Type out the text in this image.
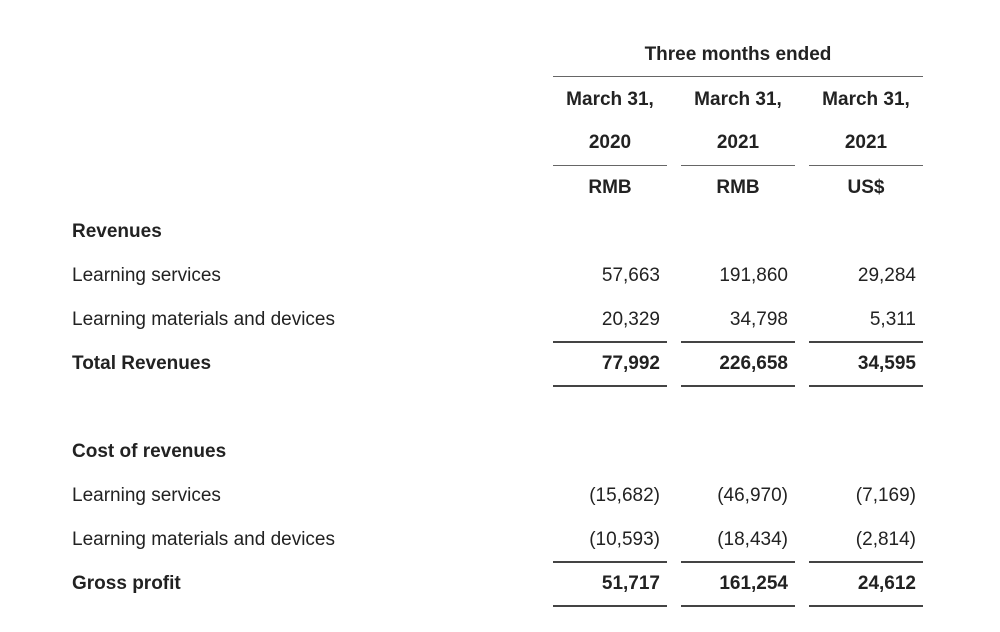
Three months ended
March 31,	March 31,	March 31,
2020	2021	2021
RMB	RMB	US$
Revenues
Learning services	57,663	191,860	29,284
Learning materials and devices	20,329	34,798	5,311
Total Revenues	77,992	226,658	34,595
Cost of revenues
Learning services	(15,682)	(46,970)	(7,169)
Learning materials and devices	(10,593)	(18,434)	(2,814)
Gross profit	51,717	161,254	24,612
